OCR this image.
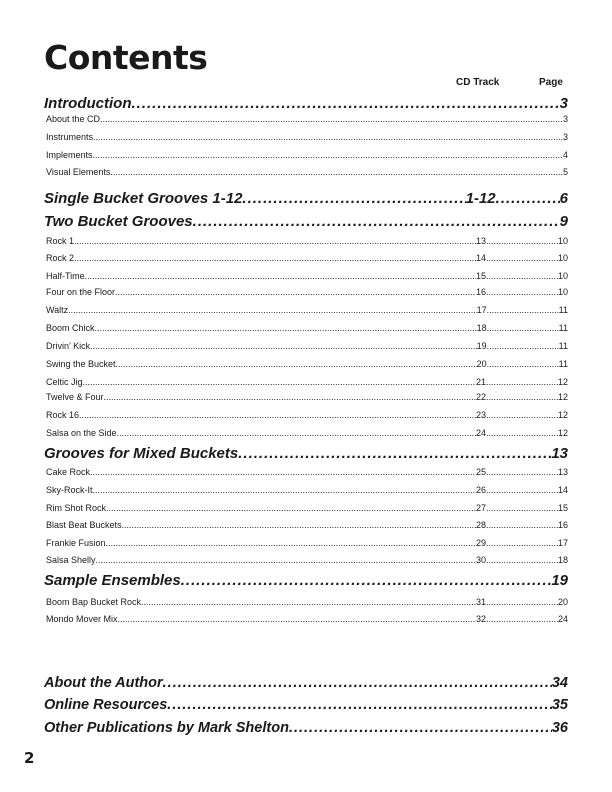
Contents
CD Track	Page
Introduction .....	3
About the CD .....	3
Instruments .....	3
Implements .....	4
Visual Elements .....	5
Single Bucket Grooves 1-12 .....	1-12 .....	6
Two Bucket Grooves .....	9
Rock 1 .....	13 .....	10
Rock 2 .....	14 .....	10
Half-Time .....	15 .....	10
Four on the Floor .....	16 .....	10
Waltz .....	17 .....	11
Boom Chick .....	18 .....	11
Drivin’ Kick .....	19 .....	11
Swing the Bucket .....	20 .....	11
Celtic Jig .....	21 .....	12
Twelve & Four .....	22 .....	12
Rock 16 .....	23 .....	12
Salsa on the Side .....	24 .....	12
Grooves for Mixed Buckets .....	13
Cake Rock .....	25 .....	13
Sky-Rock-It .....	26 .....	14
Rim Shot Rock .....	27 .....	15
Blast Beat Buckets .....	28 .....	16
Frankie Fusion .....	29 .....	17
Salsa Shelly .....	30 .....	18
Sample Ensembles .....	19
Boom Bap Bucket Rock .....	31 .....	20
Mondo Mover Mix .....	32 .....	24
About the Author .....	34
Online Resources .....	35
Other Publications by Mark Shelton .....	36
2
